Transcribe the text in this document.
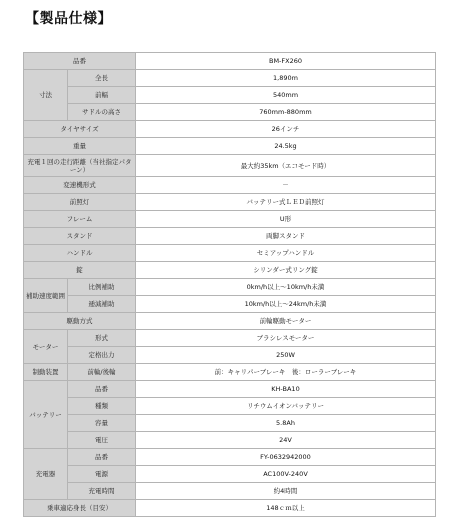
【製品仕様】
品番		BM-FX260
寸法	全長	1,890m
	前幅	540mm
	サドルの高さ	760mm-880mm
タイヤサイズ		26インチ
重量		24.5kg
充電１回の走行距離（当社指定パターン）		最大約35km（エコモード時）
変速機形式		－
前照灯		バッテリー式ＬＥＤ前照灯
フレーム		U形
スタンド		両脚スタンド
ハンドル		セミアップハンドル
錠		シリンダー式リング錠
補助速度範囲	比例補助	0km/h以上～10km/h未満
	逓減補助	10km/h以上～24km/h未満
駆動方式		前輪駆動モーター
モーター	形式	ブラシレスモーター
	定格出力	250W
制動装置	前輪/後輪	前：キャリパーブレーキ　後：ローラーブレーキ
バッテリー	品番	KH-BA10
	種類	リチウムイオンバッテリー
	容量	5.8Ah
	電圧	24V
充電器	品番	FY-0632942000
	電源	AC100V-240V
	充電時間	約4時間
乗車適応身長（目安）		148ｃｍ以上
